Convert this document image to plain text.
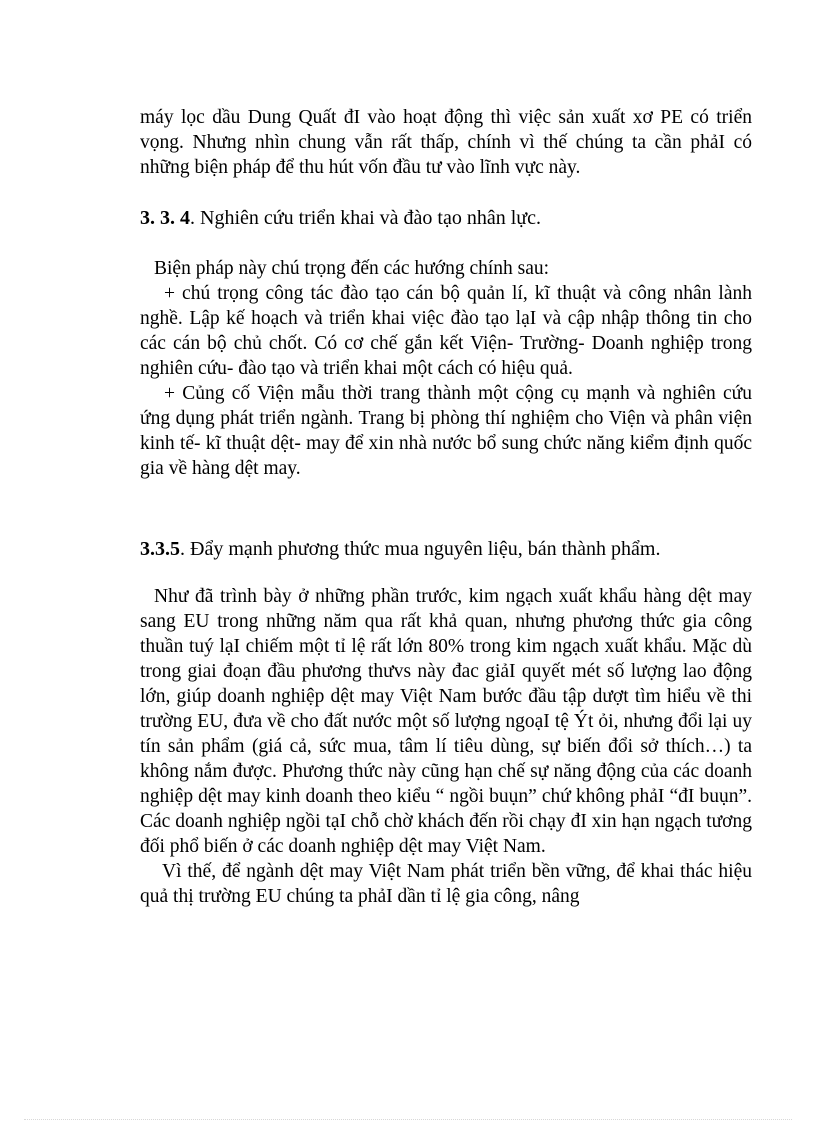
máy lọc dầu Dung Quất đI vào hoạt động thì việc sản xuất xơ PE có triển vọng. Nhưng nhìn chung vẫn rất thấp, chính vì thế chúng ta cần phảI có những biện pháp để thu hút vốn đầu tư vào lĩnh vực này.

3. 3. 4. Nghiên cứu triển khai và đào tạo nhân lực.

Biện pháp này chú trọng đến các hướng chính sau:

+ chú trọng công tác đào tạo cán bộ quản lí, kĩ thuật và công nhân lành nghề. Lập kế hoạch và triển khai việc đào tạo lạI và cập nhập thông tin cho các cán bộ chủ chốt. Có cơ chế gắn kết Viện- Trường- Doanh nghiệp trong nghiên cứu- đào tạo và triển khai một cách có hiệu quả.

+ Củng cố Viện mẫu thời trang thành một cộng cụ mạnh và nghiên cứu ứng dụng phát triển ngành. Trang bị phòng thí nghiệm cho Viện và phân viện kinh tế- kĩ thuật dệt- may để xin nhà nước bổ sung chức năng kiểm định quốc gia về hàng dệt may.

3.3.5. Đẩy mạnh phương thức mua nguyên liệu, bán thành phẩm.

Như đã trình bày ở những phần trước, kim ngạch xuất khẩu hàng dệt may sang EU trong những năm qua rất khả quan, nhưng phương thức gia công thuần tuý lạI chiếm một tỉ lệ rất lớn 80% trong kim ngạch xuất khẩu. Mặc dù trong giai đoạn đầu phương thưvs này đac giảI quyết mét số lượng lao động lớn, giúp doanh nghiệp dệt may Việt Nam bước đầu tập dượt tìm hiểu về thi trường EU, đưa về cho đất nước một số lượng ngoạI tệ Ýt ỏi, nhưng đổi lại uy tín sản phẩm (giá cả, sức mua, tâm lí tiêu dùng, sự biến đổi sở thích…) ta không nắm được. Phương thức này cũng hạn chế sự năng động của các doanh nghiệp dệt may kinh doanh theo kiểu “ ngồi buụn” chứ không phảI “đI buụn”. Các doanh nghiệp ngồi tạI chỗ chờ khách đến rồi chạy đI xin hạn ngạch tương đối phổ biến ở các doanh nghiệp dệt may Việt Nam.

Vì thế, để ngành dệt may Việt Nam phát triển bền vững, để khai thác hiệu quả thị trường EU chúng ta phảI dần tỉ lệ gia công, nâng
